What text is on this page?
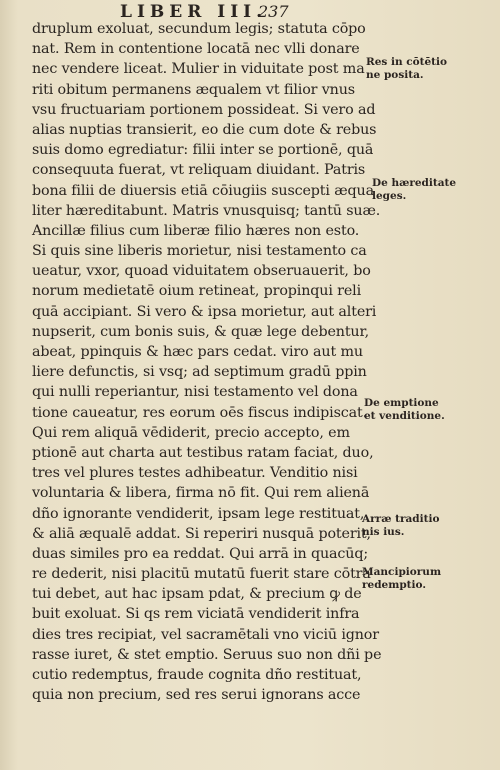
LIBER III.
237
druplum exoluat, secundum legis; statuta cōpo
nat. Rem in contentione locatā nec vlli donare
nec vendere liceat. Mulier in viduitate post ma
riti obitum permanens æqualem vt filior vnus
vsu fructuariam portionem possideat. Si vero ad
alias nuptias transierit, eo die cum dote & rebus
suis domo egrediatur: filii inter se portionē, quā
consequuta fuerat, vt reliquam diuidant. Patris
bona filii de diuersis etiā cōiugiis suscepti æqua
liter hæreditabunt. Matris vnusquisq; tantū suæ.
Ancillæ filius cum liberæ filio hæres non esto.
Si quis sine liberis morietur, nisi testamento ca
ueatur, vxor, quoad viduitatem obseruauerit, bo
norum medietatē oium retineat, propinqui reli
quā accipiant. Si vero & ipsa morietur, aut alteri
nupserit, cum bonis suis, & quæ lege debentur,
abeat, ppinquis & hæc pars cedat. viro aut mu
liere defunctis, si vsq; ad septimum gradū ppin
qui nulli reperiantur, nisi testamento vel dona
tione caueatur, res eorum oēs fiscus indipiscat.
Qui rem aliquā vēdiderit, precio accepto, em
ptionē aut charta aut testibus ratam faciat, duo,
tres vel plures testes adhibeatur. Venditio nisi
voluntaria & libera, firma nō fit. Qui rem alienā
dño ignorante vendiderit, ipsam lege restituat,
& aliā æqualē addat. Si reperiri nusquā poterit,
duas similes pro ea reddat. Qui arrā in quacūq;
re dederit, nisi placitū mutatū fuerit stare cōtra
tui debet, aut hac ipsam pdat, & precium ꝙ de
buit exoluat. Si qs rem viciatā vendiderit infra
dies tres recipiat, vel sacramētali vno viciū ignor
rasse iuret, & stet emptio. Seruus suo non dñi pe
cutio redemptus, fraude cognita dño restituat,
quia non precium, sed res serui ignorans acce
Res in cōtētio
ne posita.
De hæreditate
leges.
De emptione
et venditione.
Arræ traditio
nis ius.
Mancipiorum
redemptio.
